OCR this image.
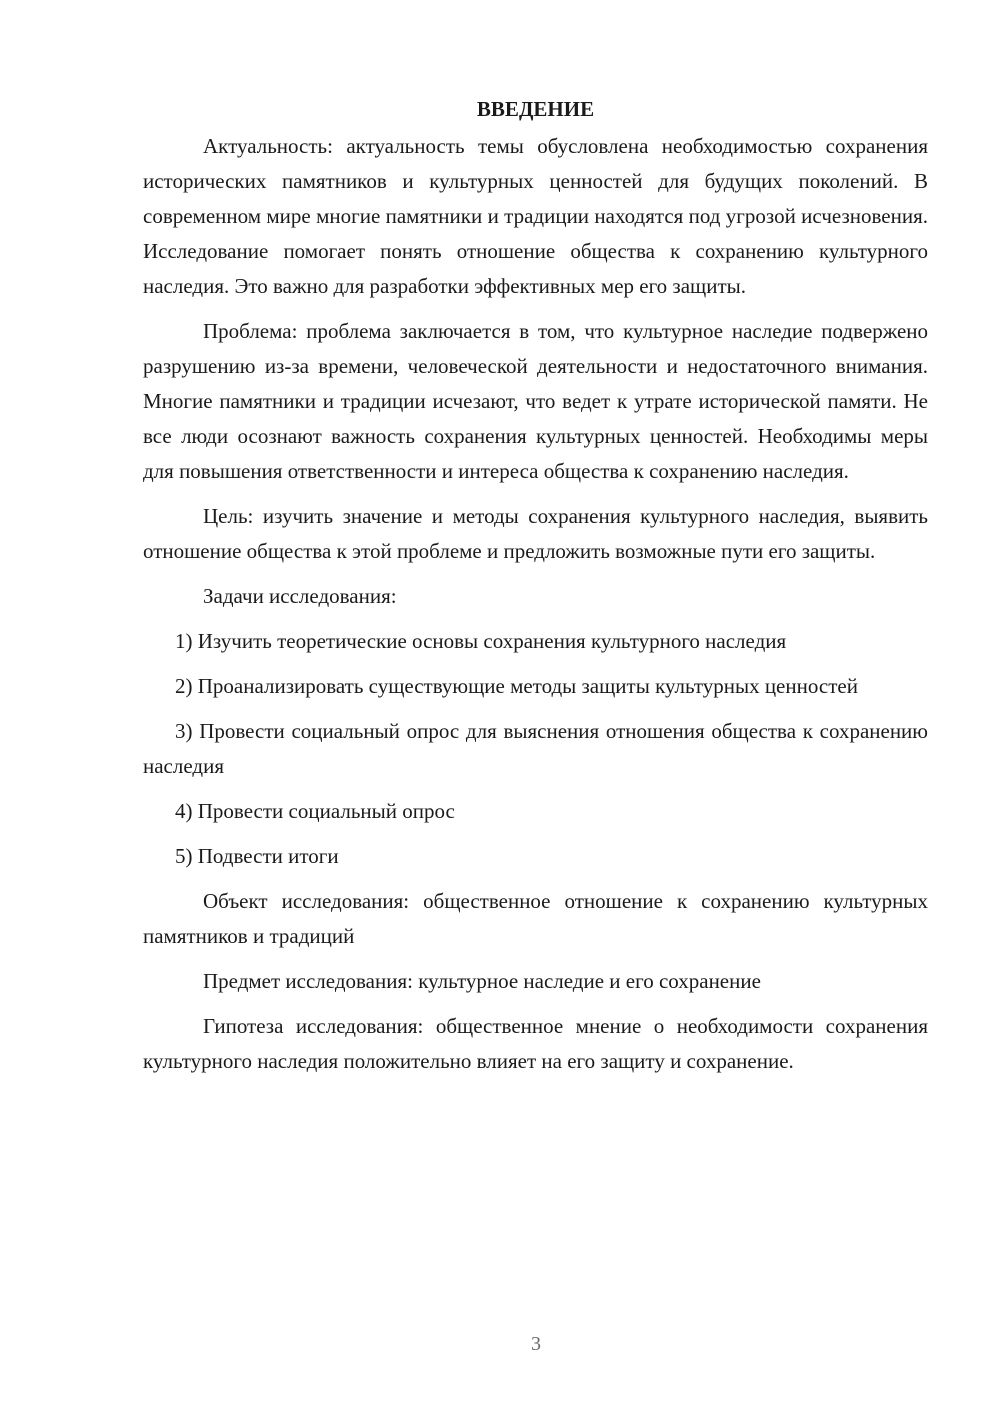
ВВЕДЕНИЕ

Актуальность: актуальность темы обусловлена необходимостью сохранения исторических памятников и культурных ценностей для будущих поколений. В современном мире многие памятники и традиции находятся под угрозой исчезновения. Исследование помогает понять отношение общества к сохранению культурного наследия. Это важно для разработки эффективных мер его защиты.

Проблема: проблема заключается в том, что культурное наследие подвержено разрушению из-за времени, человеческой деятельности и недостаточного внимания. Многие памятники и традиции исчезают, что ведет к утрате исторической памяти. Не все люди осознают важность сохранения культурных ценностей. Необходимы меры для повышения ответственности и интереса общества к сохранению наследия.

Цель: изучить значение и методы сохранения культурного наследия, выявить отношение общества к этой проблеме и предложить возможные пути его защиты.

Задачи исследования:

1) Изучить теоретические основы сохранения культурного наследия

2) Проанализировать существующие методы защиты культурных ценностей

3) Провести социальный опрос для выяснения отношения общества к сохранению наследия

4) Провести социальный опрос

5) Подвести итоги

Объект исследования: общественное отношение к сохранению культурных памятников и традиций

Предмет исследования: культурное наследие и его сохранение

Гипотеза исследования: общественное мнение о необходимости сохранения культурного наследия положительно влияет на его защиту и сохранение.

3
